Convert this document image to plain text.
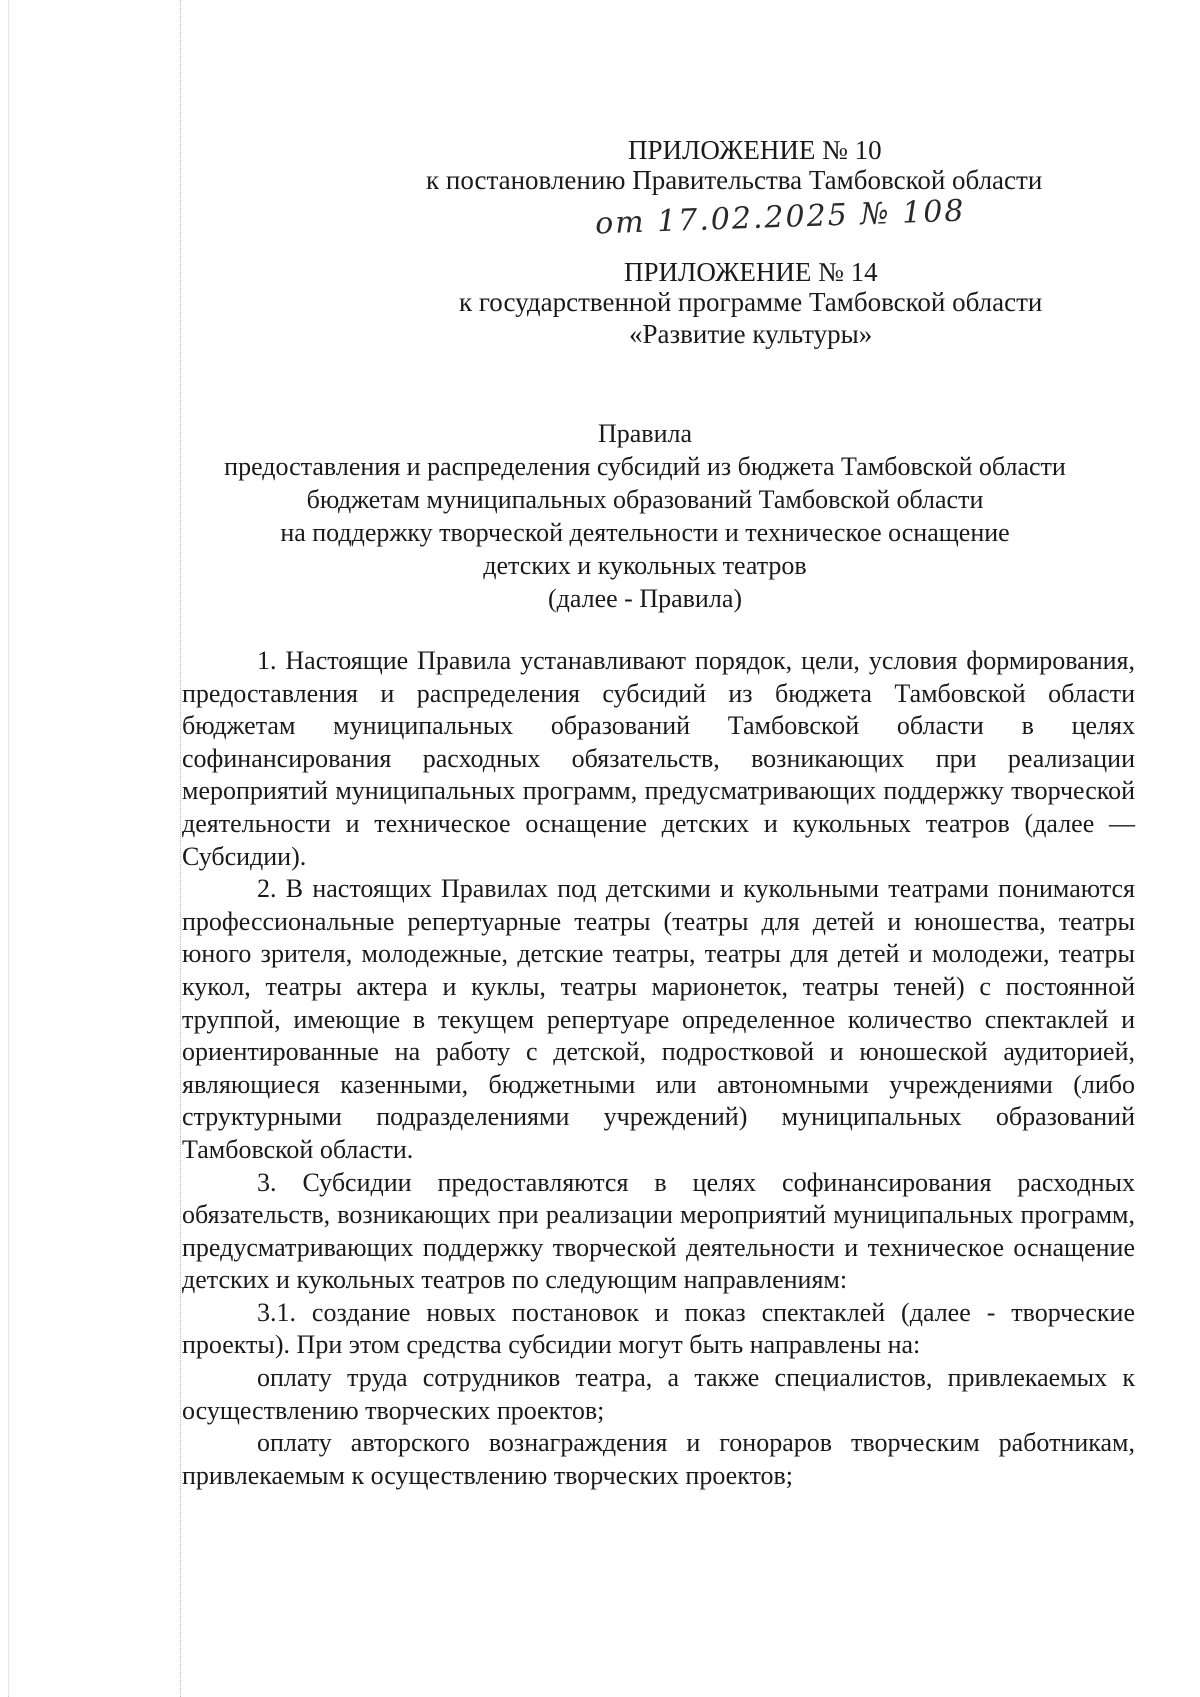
ПРИЛОЖЕНИЕ № 10
к постановлению Правительства Тамбовской области
от 17.02.2025 № 108
ПРИЛОЖЕНИЕ № 14
к государственной программе Тамбовской области
«Развитие культуры»
Правила
предоставления и распределения субсидий из бюджета Тамбовской области
бюджетам муниципальных образований Тамбовской области
на поддержку творческой деятельности и техническое оснащение
детских и кукольных театров
(далее - Правила)

1. Настоящие Правила устанавливают порядок, цели, условия формирования, предоставления и распределения субсидий из бюджета Тамбовской области бюджетам муниципальных образований Тамбовской области в целях софинансирования расходных обязательств, возникающих при реализации мероприятий муниципальных программ, предусматривающих поддержку творческой деятельности и техническое оснащение детских и кукольных театров (далее — Субсидии).

2. В настоящих Правилах под детскими и кукольными театрами понимаются профессиональные репертуарные театры (театры для детей и юношества, театры юного зрителя, молодежные, детские театры, театры для детей и молодежи, театры кукол, театры актера и куклы, театры марионеток, театры теней) с постоянной труппой, имеющие в текущем репертуаре определенное количество спектаклей и ориентированные на работу с детской, подростковой и юношеской аудиторией, являющиеся казенными, бюджетными или автономными учреждениями (либо структурными подразделениями учреждений) муниципальных образований Тамбовской области.

3. Субсидии предоставляются в целях софинансирования расходных обязательств, возникающих при реализации мероприятий муниципальных программ, предусматривающих поддержку творческой деятельности и техническое оснащение детских и кукольных театров по следующим направлениям:

3.1. создание новых постановок и показ спектаклей (далее - творческие проекты). При этом средства субсидии могут быть направлены на:

оплату труда сотрудников театра, а также специалистов, привлекаемых к осуществлению творческих проектов;

оплату авторского вознаграждения и гонораров творческим работникам, привлекаемым к осуществлению творческих проектов;
